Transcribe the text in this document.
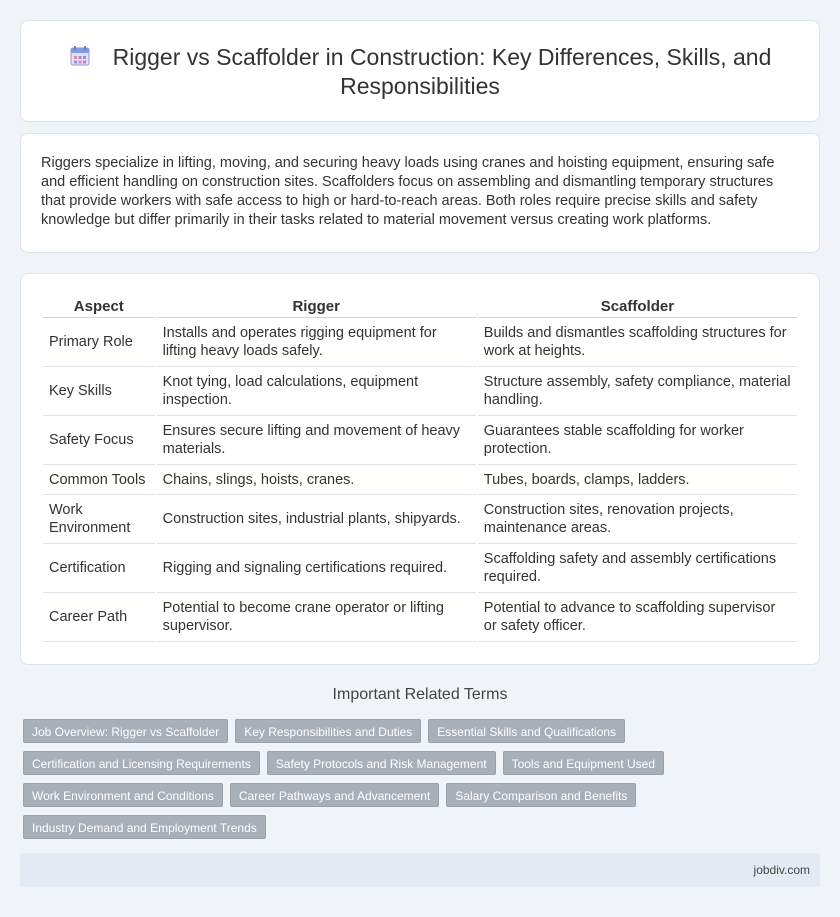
Rigger vs Scaffolder in Construction: Key Differences, Skills, and Responsibilities

Riggers specialize in lifting, moving, and securing heavy loads using cranes and hoisting equipment, ensuring safe and efficient handling on construction sites. Scaffolders focus on assembling and dismantling temporary structures that provide workers with safe access to high or hard-to-reach areas. Both roles require precise skills and safety knowledge but differ primarily in their tasks related to material movement versus creating work platforms.

Aspect	Rigger	Scaffolder
Primary Role	Installs and operates rigging equipment for lifting heavy loads safely.	Builds and dismantles scaffolding structures for work at heights.
Key Skills	Knot tying, load calculations, equipment inspection.	Structure assembly, safety compliance, material handling.
Safety Focus	Ensures secure lifting and movement of heavy materials.	Guarantees stable scaffolding for worker protection.
Common Tools	Chains, slings, hoists, cranes.	Tubes, boards, clamps, ladders.
Work Environment	Construction sites, industrial plants, shipyards.	Construction sites, renovation projects, maintenance areas.
Certification	Rigging and signaling certifications required.	Scaffolding safety and assembly certifications required.
Career Path	Potential to become crane operator or lifting supervisor.	Potential to advance to scaffolding supervisor or safety officer.
Important Related Terms
Job Overview: Rigger vs Scaffolder Key Responsibilities and Duties Essential Skills and Qualifications
Certification and Licensing Requirements Safety Protocols and Risk Management Tools and Equipment Used
Work Environment and Conditions Career Pathways and Advancement Salary Comparison and Benefits
Industry Demand and Employment Trends
jobdiv.com
